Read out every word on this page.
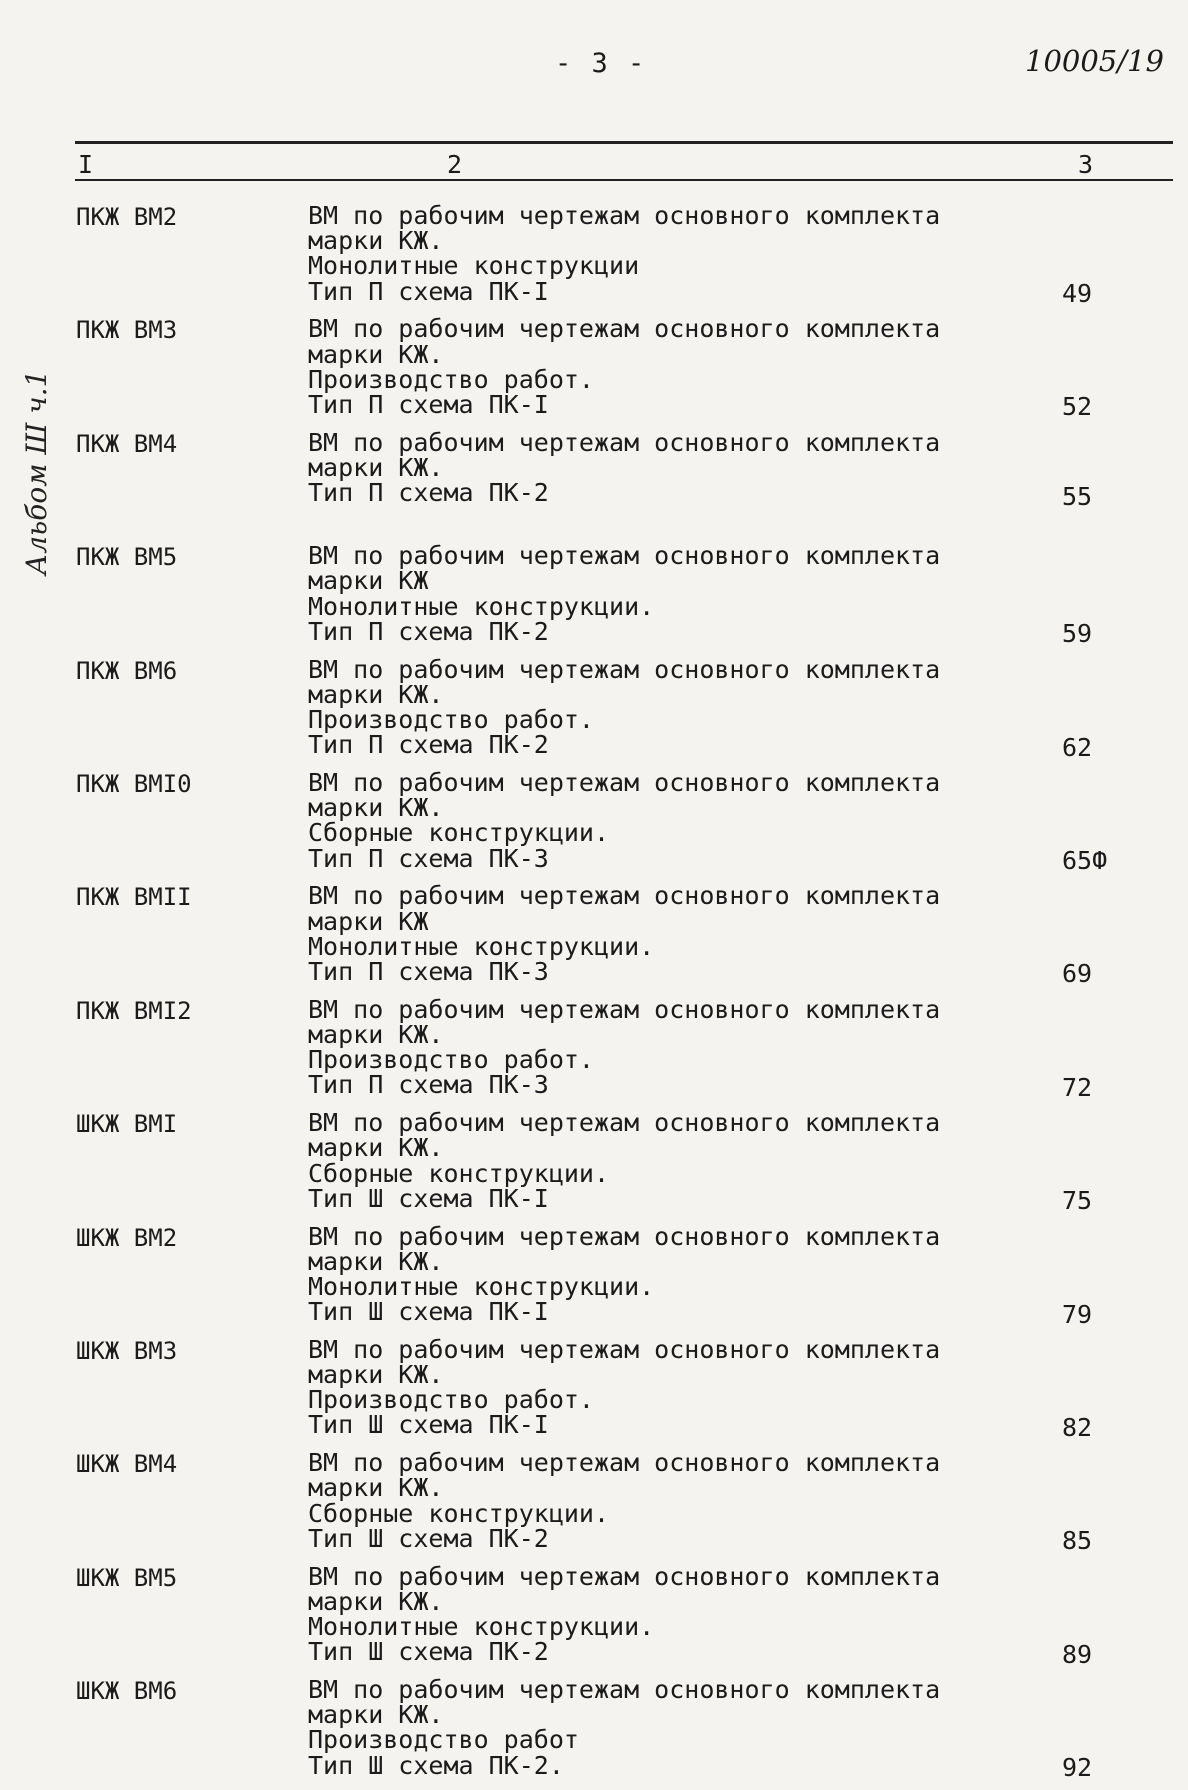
- 3 -	10005/19
Альбом Ш ч.1
I	2	3
ПКЖ ВМ2	ВМ по рабочим чертежам основного комплекта
марки КЖ.
Монолитные конструкции
Тип П схема ПК-I	49
ПКЖ ВМ3	ВМ по рабочим чертежам основного комплекта
марки КЖ.
Производство работ.
Тип П схема ПК-I	52
ПКЖ ВМ4	ВМ по рабочим чертежам основного комплекта
марки КЖ.
Тип П схема ПК-2	55
ПКЖ ВМ5	ВМ по рабочим чертежам основного комплекта
марки КЖ
Монолитные конструкции.
Тип П схема ПК-2	59
ПКЖ ВМ6	ВМ по рабочим чертежам основного комплекта
марки КЖ.
Производство работ.
Тип П схема ПК-2	62
ПКЖ ВМI0	ВМ по рабочим чертежам основного комплекта
марки КЖ.
Сборные конструкции.
Тип П схема ПК-3	65Ф
ПКЖ ВМII	ВМ по рабочим чертежам основного комплекта
марки КЖ
Монолитные конструкции.
Тип П схема ПК-3	69
ПКЖ ВМI2	ВМ по рабочим чертежам основного комплекта
марки КЖ.
Производство работ.
Тип П схема ПК-3	72
ШКЖ ВМI	ВМ по рабочим чертежам основного комплекта
марки КЖ.
Сборные конструкции.
Тип Ш схема ПК-I	75
ШКЖ ВМ2	ВМ по рабочим чертежам основного комплекта
марки КЖ.
Монолитные конструкции.
Тип Ш схема ПК-I	79
ШКЖ ВМ3	ВМ по рабочим чертежам основного комплекта
марки КЖ.
Производство работ.
Тип Ш схема ПК-I	82
ШКЖ ВМ4	ВМ по рабочим чертежам основного комплекта
марки КЖ.
Сборные конструкции.
Тип Ш схема ПК-2	85
ШКЖ ВМ5	ВМ по рабочим чертежам основного комплекта
марки КЖ.
Монолитные конструкции.
Тип Ш схема ПК-2	89
ШКЖ ВМ6	ВМ по рабочим чертежам основного комплекта
марки КЖ.
Производство работ
Тип Ш схема ПК-2.	92
